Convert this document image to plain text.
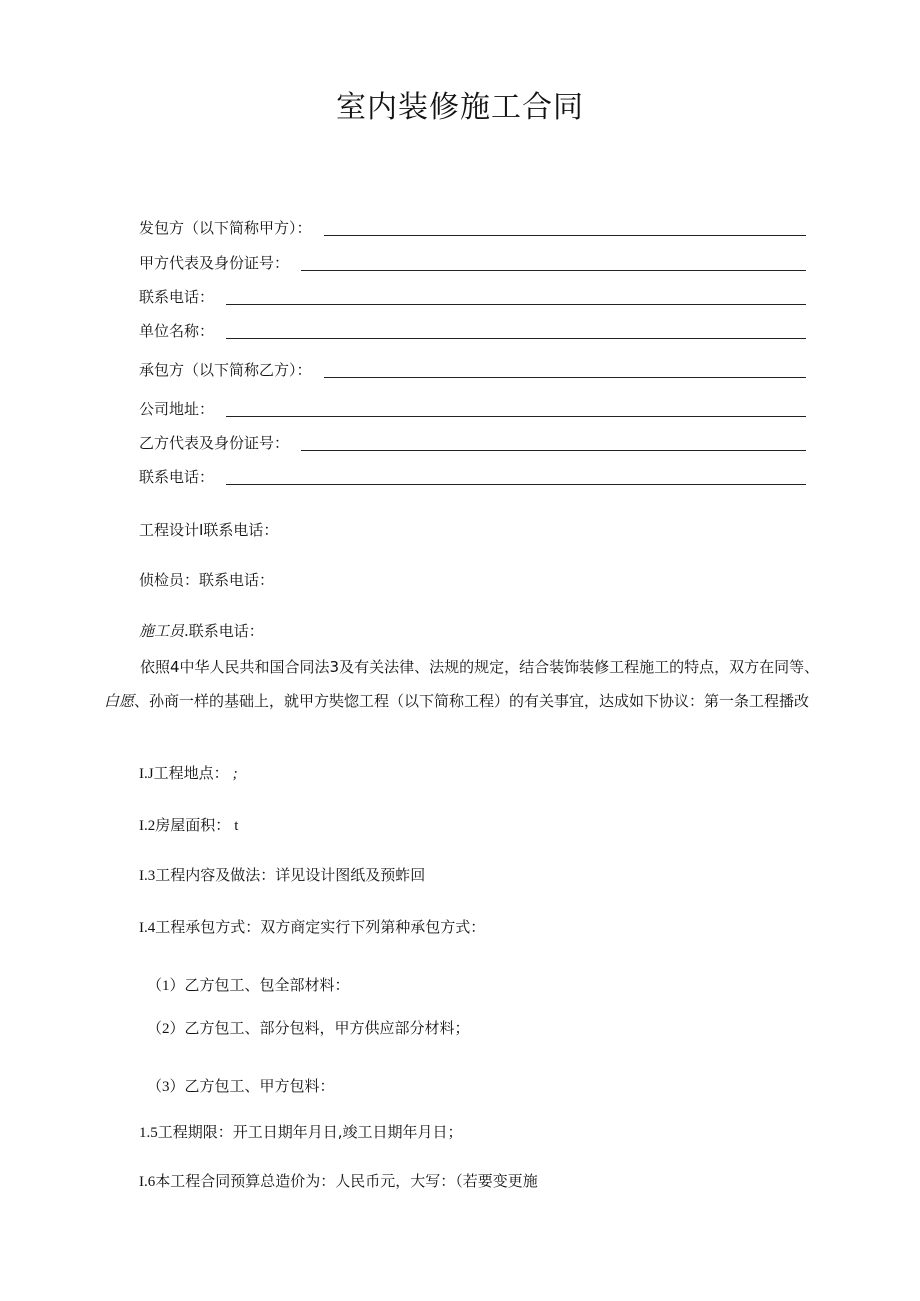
室内装修施工合同
发包方（以下简称甲方）：
甲方代表及身份证号：
联系电话：
单位名称：
承包方（以下简称乙方）：
公司地址：
乙方代表及身份证号：
联系电话：
工程设计I联系电话：
侦检员：联系电话：
施工员.联系电话：
依照4中华人民共和国合同法3及有关法律、法规的规定，结合装饰装修工程施工的特点，双方在同等、白愿、孙商一样的基础上，就甲方奘惚工程（以下简称工程）的有关事宜，达成如下协议：第一条工程播改
I.J工程地点： ;
I.2房屋面积： t
I.3工程内容及做法：详见设计图纸及预蚱回
I.4工程承包方式：双方商定实行下列第种承包方式：
（1）乙方包工、包全部材料：
（2）乙方包工、部分包料，甲方供应部分材料；
（3）乙方包工、甲方包料：
1.5工程期限：开工日期年月日,竣工日期年月日；
I.6本工程合同预算总造价为：人民币元，大写：（若要变更施
